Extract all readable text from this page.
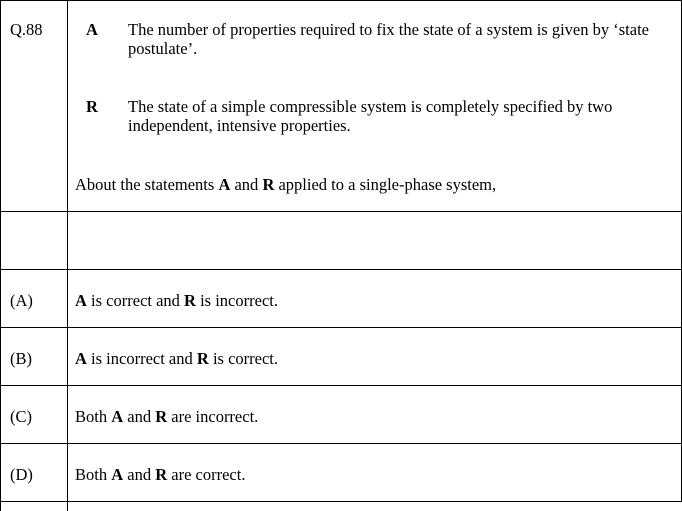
Q.88	A The number of properties required to fix the state of a system is given by ‘state postulate’.
R The state of a simple compressible system is completely specified by two independent, intensive properties.
About the statements A and R applied to a single-phase system,
(A)	A is correct and R is incorrect.
(B)	A is incorrect and R is correct.
(C)	Both A and R are incorrect.
(D)	Both A and R are correct.
